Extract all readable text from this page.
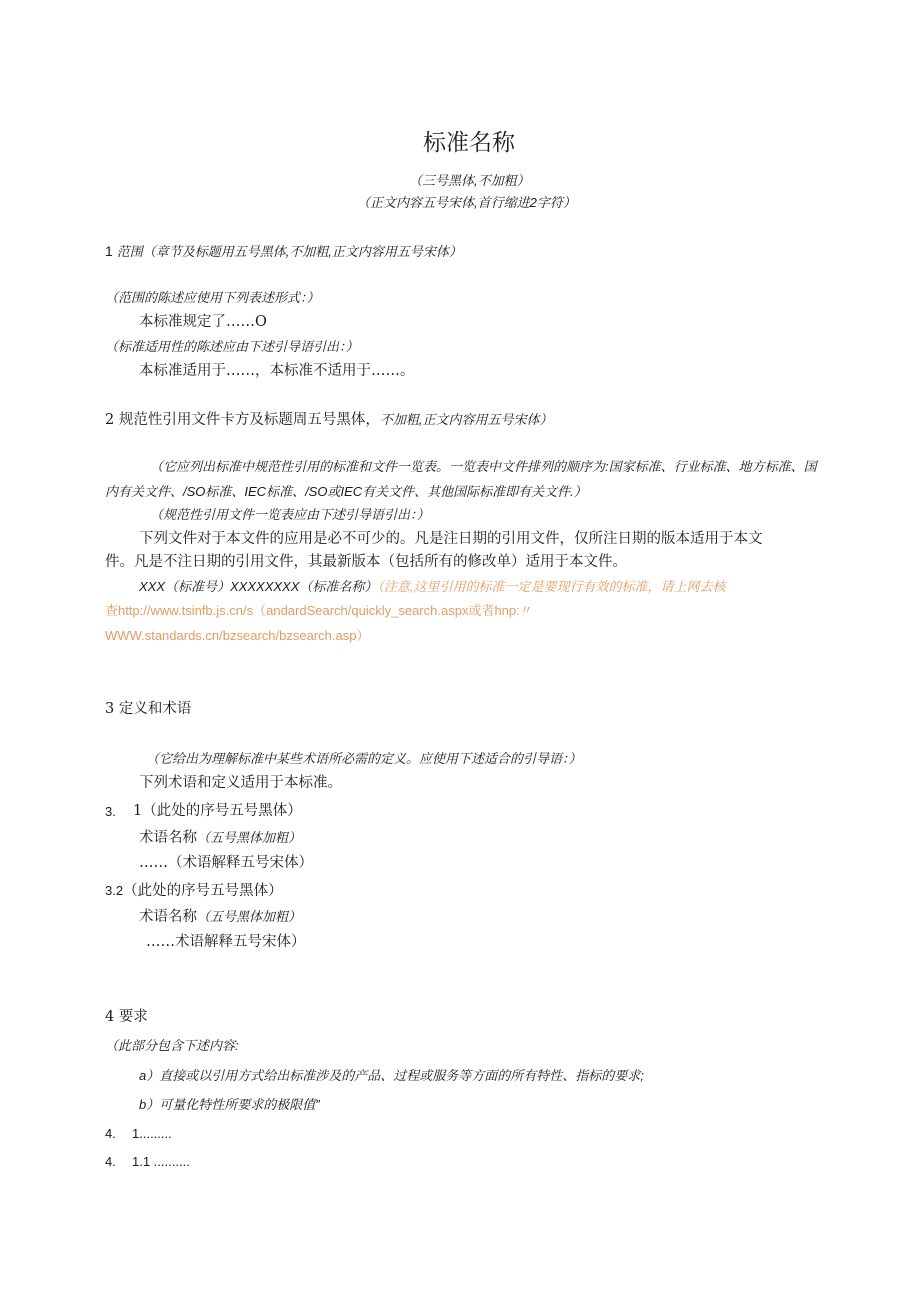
标准名称
（三号黑体,不加粗）
（正文内容五号宋体,首行缩进2字符）
1 范围（章节及标题用五号黑体,不加粗,正文内容用五号宋体）
（范围的陈述应使用下列表述形式：）
本标准规定了……O
（标准适用性的陈述应由下述引导语引出：）
本标准适用于……，本标准不适用于……。
2 规范性引用文件卡方及标题周五号黑体，不加粗,正文内容用五号宋体）
（它应列出标准中规范性引用的标准和文件一览表。一览表中文件排列的顺序为:国家标准、行业标准、地方标准、国
内有关文件、/SO标准、IEC标准、/SO或IEC有关文件、其他国际标准即有关文件.）
（规范性引用文件一览表应由下述引导语引出：）
下列文件对于本文件的应用是必不可少的。凡是注日期的引用文件，仅所注日期的版本适用于本文
件。凡是不注日期的引用文件，其最新版本（包括所有的修改单）适用于本文件。
XXX（标准号）XXXXXXXX（标准名称）（注意,这里引用的标准一定是要现行有效的标准，请上网去核
查http://www.tsinfb.js.cn/s（andardSearch/quickly_search.aspx或者hnp:〃
WWW.standards.cn/bzsearch/bzsearch.asp）
3 定义和术语
（它给出为理解标准中某些术语所必需的定义。应使用下述适合的引导语：）
下列术语和定义适用于本标准。
3. 1（此处的序号五号黑体）
术语名称（五号黑体加粗）
……（术语解释五号宋体）
3.2（此处的序号五号黑体）
术语名称（五号黑体加粗）
……术语解释五号宋体）
4 要求
（此部分包含下述内容:
a）直接或以引用方式给出标准涉及的产品、过程或服务等方面的所有特性、指标的要求;
b）可量化特性所要求的极限值”
4. 1.........
4. 1.1 ..........
